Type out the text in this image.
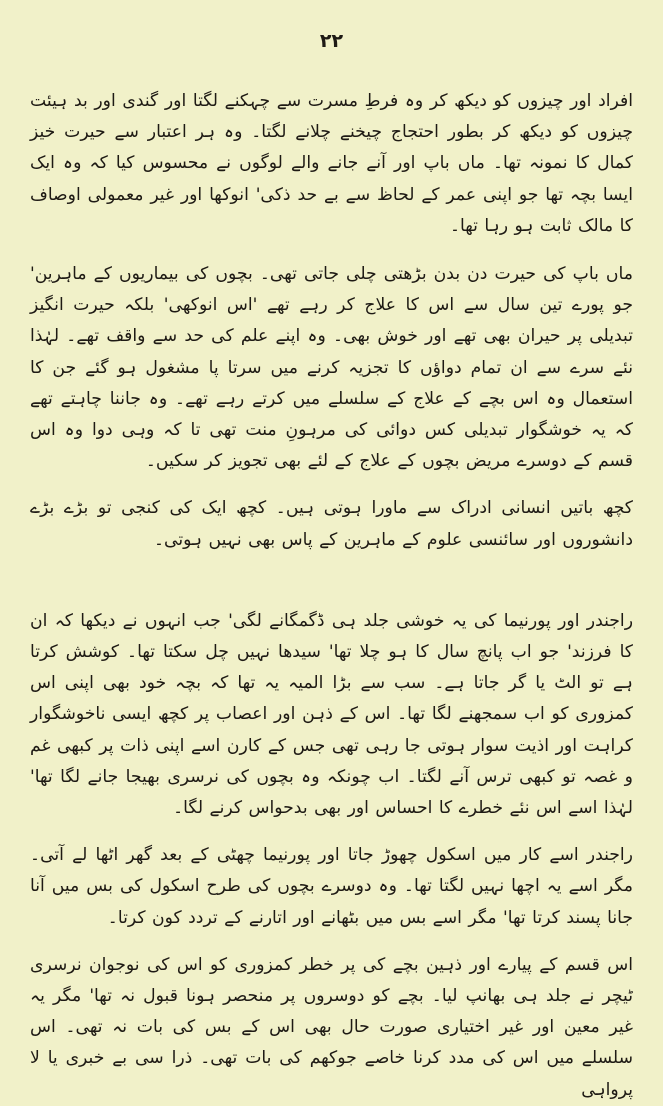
۲۲

افراد اور چیزوں کو دیکھ کر وہ فرطِ مسرت سے چہکنے لگتا اور گندی اور بد ہیئت چیزوں کو دیکھ کر بطور احتجاج چیخنے چلانے لگتا۔ وہ ہر اعتبار سے حیرت خیز کمال کا نمونہ تھا۔ ماں باپ اور آنے جانے والے لوگوں نے محسوس کیا کہ وہ ایک ایسا بچہ تھا جو اپنی عمر کے لحاظ سے بے حد ذکی' انوکھا اور غیر معمولی اوصاف کا مالک ثابت ہو رہا تھا۔

ماں باپ کی حیرت دن بدن بڑھتی چلی جاتی تھی۔ بچوں کی بیماریوں کے ماہرین' جو پورے تین سال سے اس کا علاج کر رہے تھے 'اس انوکھی' بلکہ حیرت انگیز تبدیلی پر حیران بھی تھے اور خوش بھی۔ وہ اپنے علم کی حد سے واقف تھے۔ لہٰذا نئے سرے سے ان تمام دواؤں کا تجزیہ کرنے میں سرتا پا مشغول ہو گئے جن کا استعمال وہ اس بچے کے علاج کے سلسلے میں کرتے رہے تھے۔ وہ جاننا چاہتے تھے کہ یہ خوشگوار تبدیلی کس دوائی کی مرہونِ منت تھی تا کہ وہی دوا وہ اس قسم کے دوسرے مریض بچوں کے علاج کے لئے بھی تجویز کر سکیں۔

کچھ باتیں انسانی ادراک سے ماورا ہوتی ہیں۔ کچھ ایک کی کنجی تو بڑے بڑے دانشوروں اور سائنسی علوم کے ماہرین کے پاس بھی نہیں ہوتی۔

راجندر اور پورنیما کی یہ خوشی جلد ہی ڈگمگانے لگی' جب انہوں نے دیکھا کہ ان کا فرزند' جو اب پانچ سال کا ہو چلا تھا' سیدھا نہیں چل سکتا تھا۔ کوشش کرتا ہے تو الٹ یا گر جاتا ہے۔ سب سے بڑا المیہ یہ تھا کہ بچہ خود بھی اپنی اس کمزوری کو اب سمجھنے لگا تھا۔ اس کے ذہن اور اعصاب پر کچھ ایسی ناخوشگوار کراہت اور اذیت سوار ہوتی جا رہی تھی جس کے کارن اسے اپنی ذات پر کبھی غم و غصہ تو کبھی ترس آنے لگتا۔ اب چونکہ وہ بچوں کی نرسری بھیجا جانے لگا تھا' لہٰذا اسے اس نئے خطرے کا احساس اور بھی بدحواس کرنے لگا۔

راجندر اسے کار میں اسکول چھوڑ جاتا اور پورنیما چھٹی کے بعد گھر اٹھا لے آتی۔ مگر اسے یہ اچھا نہیں لگتا تھا۔ وہ دوسرے بچوں کی طرح اسکول کی بس میں آنا جانا پسند کرتا تھا' مگر اسے بس میں بٹھانے اور اتارنے کے تردد کون کرتا۔

اس قسم کے پیارے اور ذہین بچے کی پر خطر کمزوری کو اس کی نوجوان نرسری ٹیچر نے جلد ہی بھانپ لیا۔ بچے کو دوسروں پر منحصر ہونا قبول نہ تھا' مگر یہ غیر معین اور غیر اختیاری صورت حال بھی اس کے بس کی بات نہ تھی۔ اس سلسلے میں اس کی مدد کرنا خاصے جوکھم کی بات تھی۔ ذرا سی بے خبری یا لا پرواہی
